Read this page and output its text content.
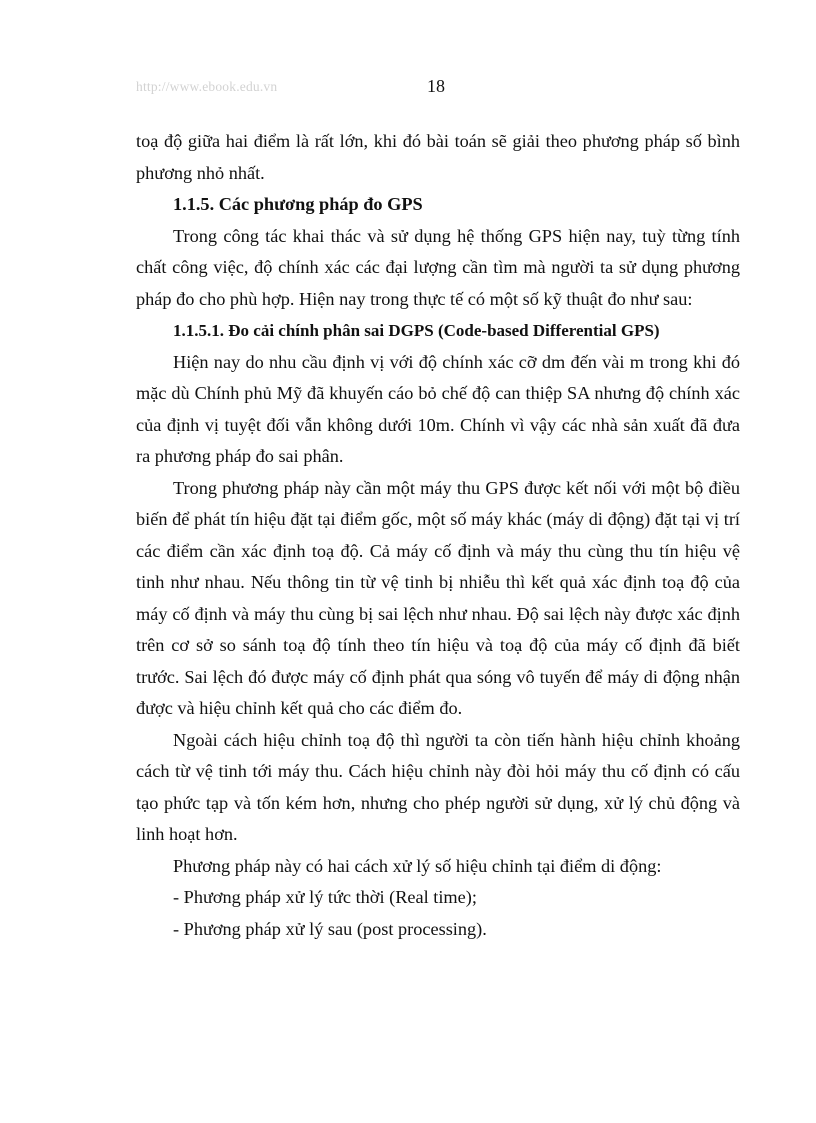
http://www.ebook.edu.vn	18

toạ độ giữa hai điểm là rất lớn, khi đó bài toán sẽ giải theo phương pháp số bình phương nhỏ nhất.

1.1.5. Các phương pháp đo GPS

Trong công tác khai thác và sử dụng hệ thống GPS hiện nay, tuỳ từng tính chất công việc, độ chính xác các đại lượng cần tìm mà người ta sử dụng phương pháp đo cho phù hợp. Hiện nay trong thực tế có một số kỹ thuật đo như sau:

1.1.5.1. Đo cải chính phân sai DGPS (Code-based Differential GPS)

Hiện nay do nhu cầu định vị với độ chính xác cỡ dm đến vài m trong khi đó mặc dù Chính phủ Mỹ đã khuyến cáo bỏ chế độ can thiệp SA nhưng độ chính xác của định vị tuyệt đối vẫn không dưới 10m. Chính vì vậy các nhà sản xuất đã đưa ra phương pháp đo sai phân.

Trong phương pháp này cần một máy thu GPS được kết nối với một bộ điều biến để phát tín hiệu đặt tại điểm gốc, một số máy khác (máy di động) đặt tại vị trí các điểm cần xác định toạ độ. Cả máy cố định và máy thu cùng thu tín hiệu vệ tinh như nhau. Nếu thông tin từ vệ tinh bị nhiễu thì kết quả xác định toạ độ của máy cố định và máy thu cùng bị sai lệch như nhau. Độ sai lệch này được xác định trên cơ sở so sánh toạ độ tính theo tín hiệu và toạ độ của máy cố định đã biết trước. Sai lệch đó được máy cố định phát qua sóng vô tuyến để máy di động nhận được và hiệu chỉnh kết quả cho các điểm đo.

Ngoài cách hiệu chỉnh toạ độ thì người ta còn tiến hành hiệu chỉnh khoảng cách từ vệ tinh tới máy thu. Cách hiệu chỉnh này đòi hỏi máy thu cố định có cấu tạo phức tạp và tốn kém hơn, nhưng cho phép người sử dụng, xử lý chủ động và linh hoạt hơn.

Phương pháp này có hai cách xử lý số hiệu chỉnh tại điểm di động:

- Phương pháp xử lý tức thời (Real time);

- Phương pháp xử lý sau (post processing).
